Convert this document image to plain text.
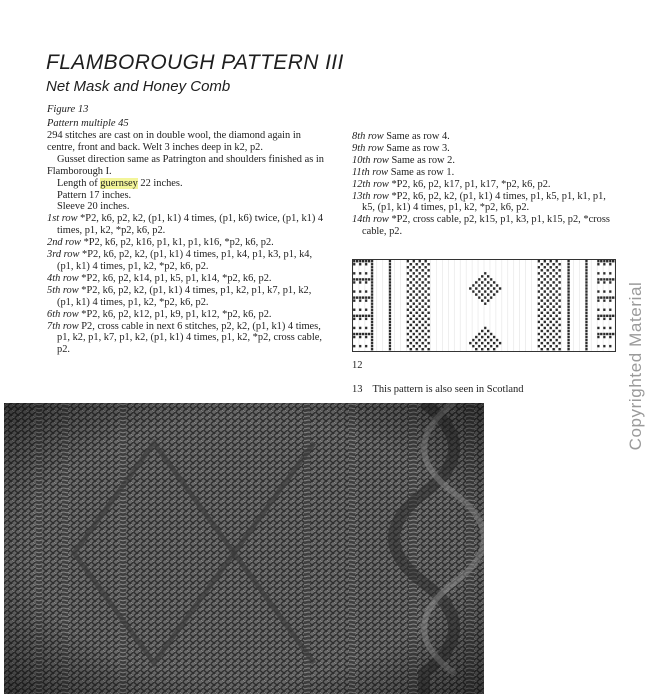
FLAMBOROUGH PATTERN III
Net Mask and Honey Comb
Figure 13
Pattern multiple 45

294 stitches are cast on in double wool, the diamond again in centre, front and back. Welt 3 inches deep in k2, p2.

Gusset direction same as Patrington and shoulders finished as in Flamborough I.

Length of guernsey 22 inches.

Pattern 17 inches.

Sleeve 20 inches.

1st row *P2, k6, p2, k2, (p1, k1) 4 times, (p1, k6) twice, (p1, k1) 4 times, p1, k2, *p2, k6, p2.

2nd row *P2, k6, p2, k16, p1, k1, p1, k16, *p2, k6, p2.

3rd row *P2, k6, p2, k2, (p1, k1) 4 times, p1, k4, p1, k3, p1, k4, (p1, k1) 4 times, p1, k2, *p2, k6, p2.

4th row *P2, k6, p2, k14, p1, k5, p1, k14, *p2, k6, p2.

5th row *P2, k6, p2, k2, (p1, k1) 4 times, p1, k2, p1, k7, p1, k2, (p1, k1) 4 times, p1, k2, *p2, k6, p2.

6th row *P2, k6, p2, k12, p1, k9, p1, k12, *p2, k6, p2.

7th row P2, cross cable in next 6 stitches, p2, k2, (p1, k1) 4 times, p1, k2, p1, k7, p1, k2, (p1, k1) 4 times, p1, k2, *p2, cross cable, p2.

8th row Same as row 4.

9th row Same as row 3.

10th row Same as row 2.

11th row Same as row 1.

12th row *P2, k6, p2, k17, p1, k17, *p2, k6, p2.

13th row *P2, k6, p2, k2, (p1, k1) 4 times, p1, k5, p1, k1, p1, k5, (p1, k1) 4 times, p1, k2, *p2, k6, p2.

14th row *P2, cross cable, p2, k15, p1, k3, p1, k15, p2, *cross cable, p2.

12
13 This pattern is also seen in Scotland	Copyrighted Material
